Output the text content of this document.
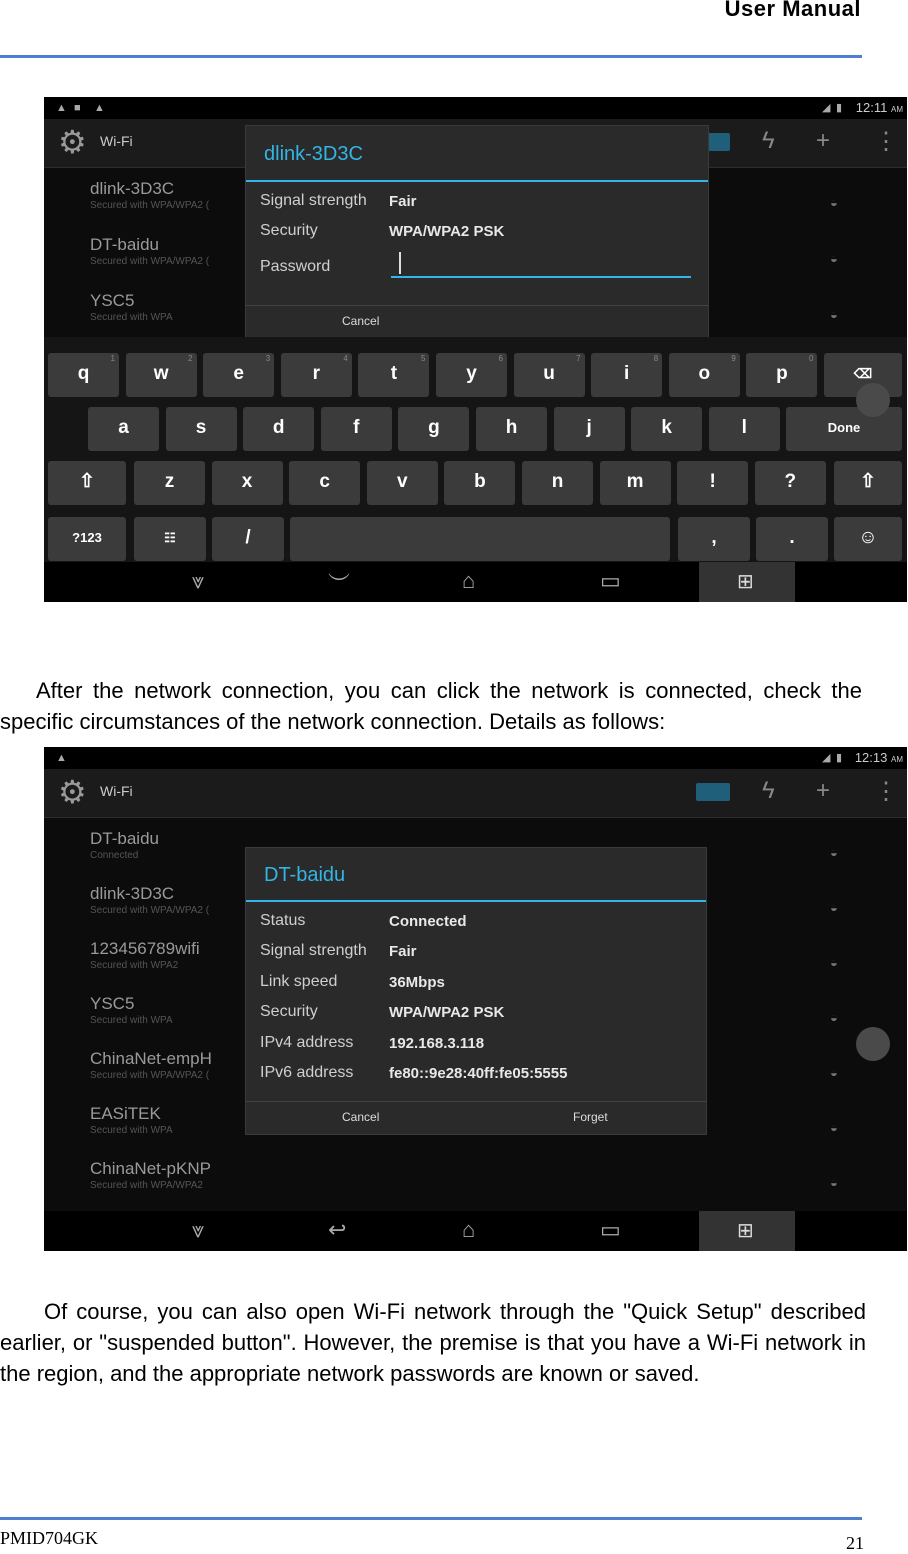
User Manual
▲ ■ ▲	◢ ▮ 12:11 AM
⚙ Wi-Fi	ϟ + ⋮
dlink-3D3C
Secured with WPA/WPA2 (
DT-baidu
Secured with WPA/WPA2 (
YSC5
Secured with WPA
◒
◒
◒
dlink-3D3C
Signal strength Fair
Security	WPA/WPA2 PSK
Password
Cancel
?123	☷	/	,	.	☺
q
1
w
2
e
3
r
4
t
5
y
6
u
7
i
8
o
9
p
0
⌫
a	s	d	f	g	h	j	k	l	Done
⇧	z	x	c	v	b	n	m	!	?	⇧
⩔	︶	⌂	▭	⊞
After the network connection, you can click the network is connected, check the specific circumstances of the network connection. Details as follows:
▲	◢ ▮ 12:13 AM
⚙ Wi-Fi	ϟ + ⋮
DT-baidu
Cancel	Forget
Status	Connected
Signal strength Fair
Link speed	36Mbps
Security	WPA/WPA2 PSK
IPv4 address 192.168.3.118
IPv6 address fe80::9e28:40ff:fe05:5555
⩔	↩	⌂	▭	⊞
DT-baidu
Connected	◒
dlink-3D3C
Secured with WPA/WPA2 (	◒
123456789wifi
Secured with WPA2	◒
YSC5
Secured with WPA	◒
ChinaNet-empH
Secured with WPA/WPA2 (	◒
EASiTEK
Secured with WPA	◒
ChinaNet-pKNP
Secured with WPA/WPA2	◒
Of course, you can also open Wi-Fi network through the "Quick Setup" described earlier, or "suspended button". However, the premise is that you have a Wi-Fi network in the region, and the appropriate network passwords are known or saved.
PMID704GK	21
